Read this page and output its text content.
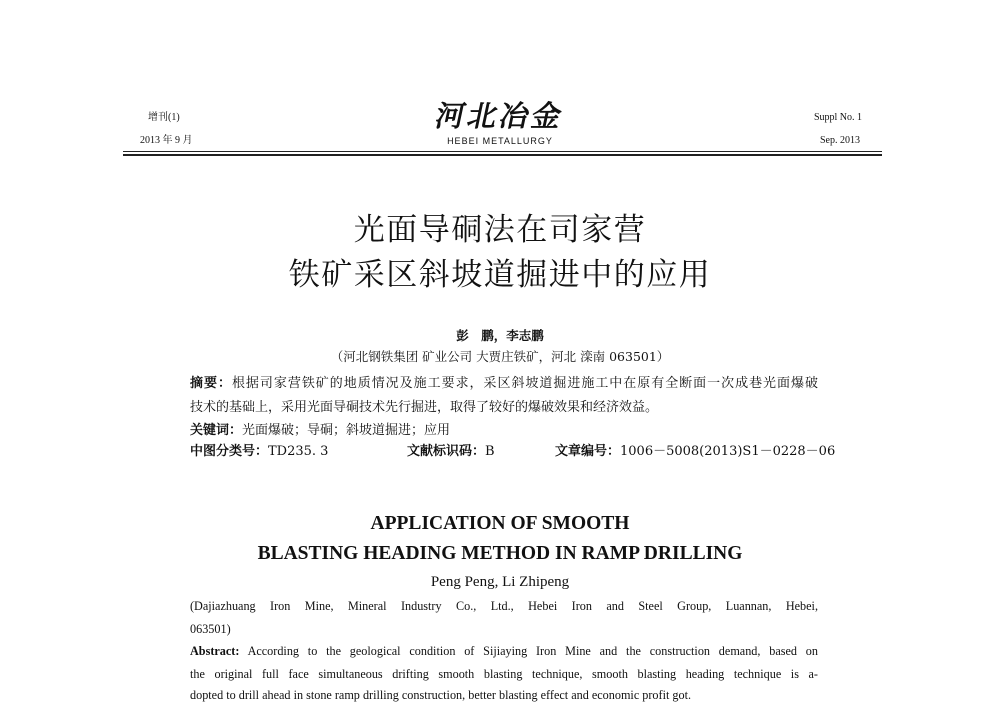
增刊(1)
2013 年 9 月
河北冶金
HEBEI METALLURGY
Suppl No. 1
Sep. 2013
光面导硐法在司家营
铁矿采区斜坡道掘进中的应用
彭　鹏，李志鹏
（河北钢铁集团 矿业公司 大贾庄铁矿，河北 滦南 063501）
摘要：根据司家营铁矿的地质情况及施工要求，采区斜坡道掘进施工中在原有全断面一次成巷光面爆破
技术的基础上，采用光面导硐技术先行掘进，取得了较好的爆破效果和经济效益。
关键词：光面爆破；导硐；斜坡道掘进；应用
中图分类号：TD235. 3	文献标识码：B	文章编号：1006－5008(2013)S1－0228－06
APPLICATION OF SMOOTH
BLASTING HEADING METHOD IN RAMP DRILLING
Peng Peng, Li Zhipeng
(Dajiazhuang Iron Mine, Mineral Industry Co., Ltd., Hebei Iron and Steel Group, Luannan, Hebei,
063501)
Abstract: According to the geological condition of Sijiaying Iron Mine and the construction demand, based on
the original full face simultaneous drifting smooth blasting technique, smooth blasting heading technique is a-
dopted to drill ahead in stone ramp drilling construction, better blasting effect and economic profit got.
